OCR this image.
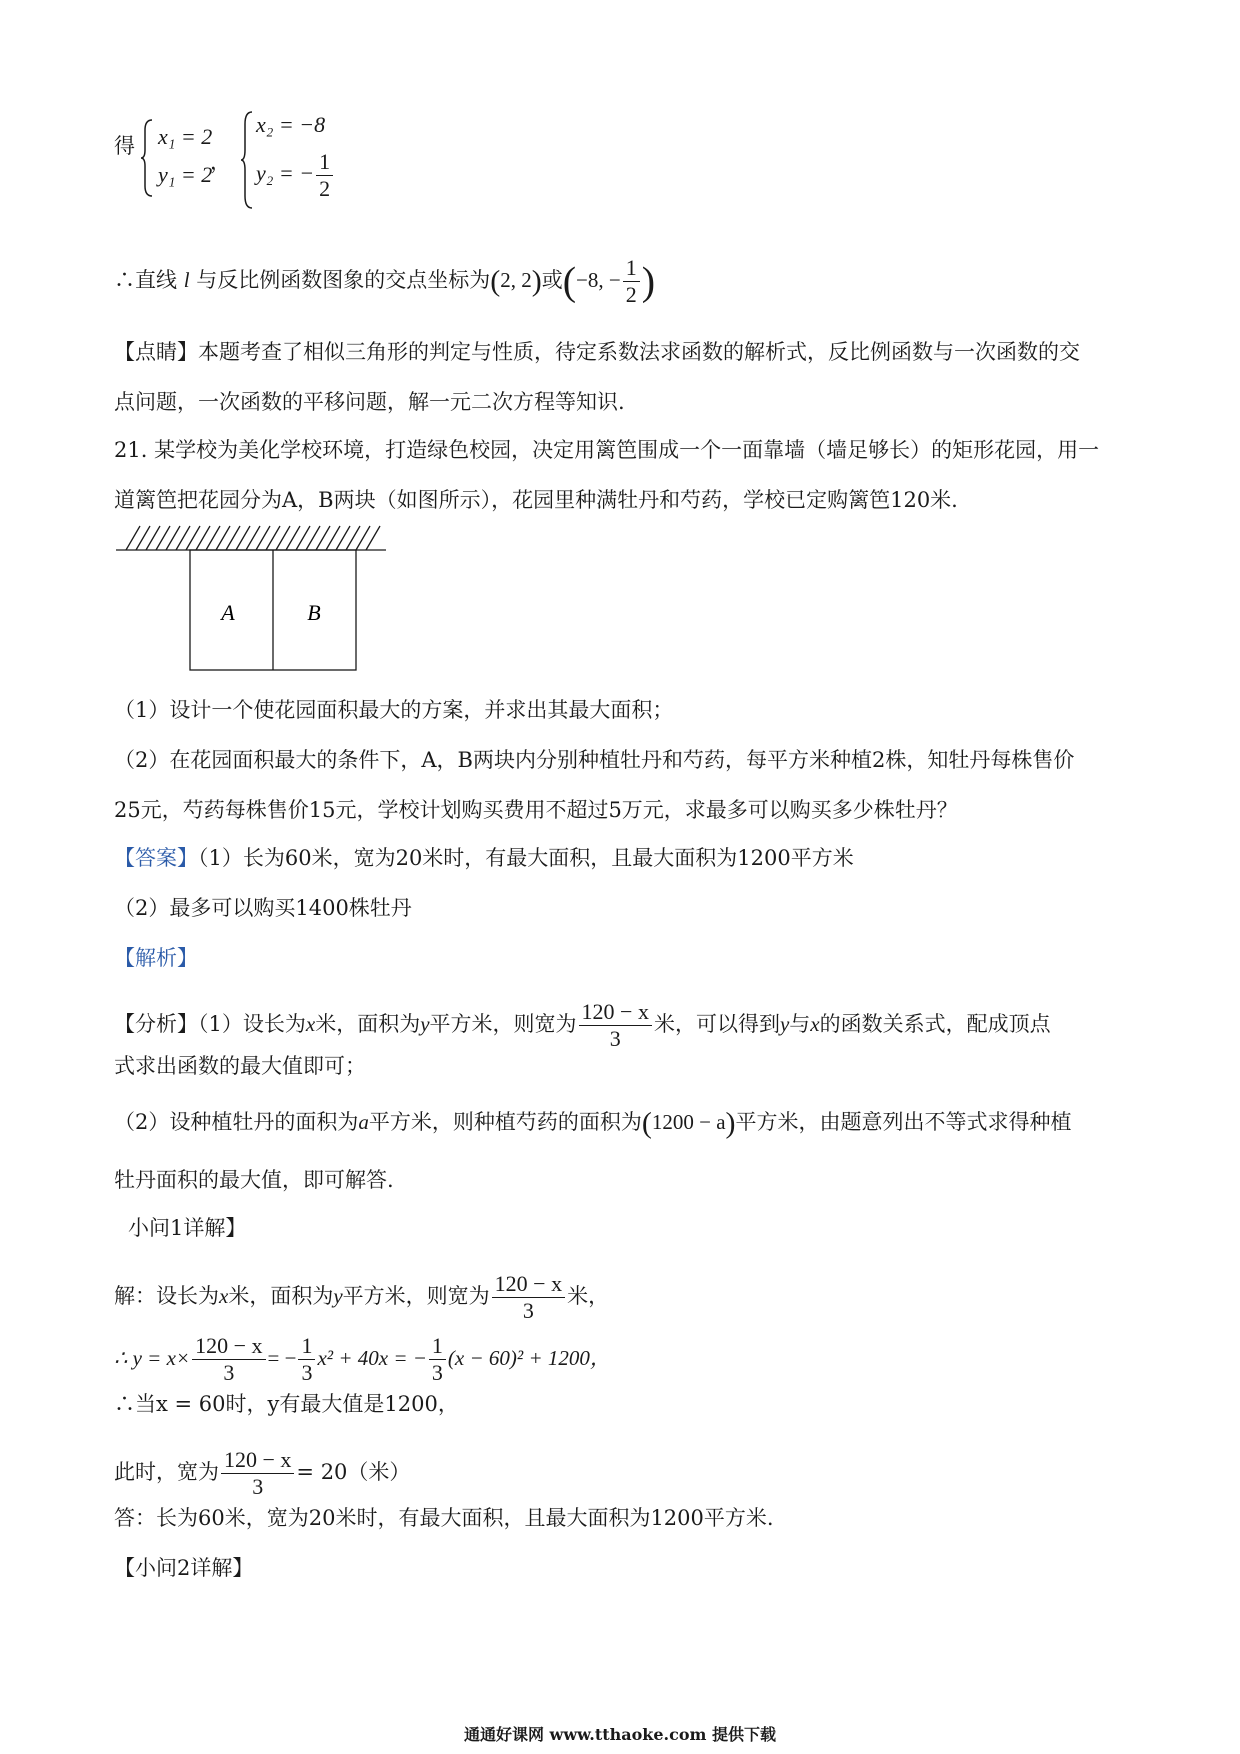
得 x₁ = 2
y₁ = 2
，
x₂ = −8
y₂ = − $\frac{1}{2}$
∴直线 l 与反比例函数图象的交点坐标为(2, 2)或(−8, − $\frac{1}{2}$ )
【点睛】本题考查了相似三角形的判定与性质，待定系数法求函数的解析式，反比例函数与一次函数的交
点问题，一次函数的平移问题，解一元二次方程等知识.
21. 某学校为美化学校环境，打造绿色校园，决定用篱笆围成一个一面靠墙（墙足够长）的矩形花园，用一
道篱笆把花园分为A，B两块（如图所示），花园里种满牡丹和芍药，学校已定购篱笆120米.
A	B
（1）设计一个使花园面积最大的方案，并求出其最大面积；
（2）在花园面积最大的条件下，A，B两块内分别种植牡丹和芍药，每平方米种植2株，知牡丹每株售价
25元，芍药每株售价15元，学校计划购买费用不超过5万元，求最多可以购买多少株牡丹？
【答案】（1）长为60米，宽为20米时，有最大面积，且最大面积为1200平方米
（2）最多可以购买1400株牡丹
【解析】
【分析】（1）设长为x米，面积为y平方米，则宽为 $\frac{120 - x}{3}$ 米，可以得到y与x的函数关系式，配成顶点
式求出函数的最大值即可；
（2）设种植牡丹的面积为a平方米，则种植芍药的面积为(1200 − a)平方米，由题意列出不等式求得种植
牡丹面积的最大值，即可解答.
小问1详解】
解：设长为x米，面积为y平方米，则宽为 $\frac{120 - x}{3}$ 米，
∴ $y = x\times \frac{120 - x}{3}$ = − $\frac{1}{3} x^2 + 40x$ = − $\frac{1}{3} (x - 60)^2 + 1200$，
∴当x = 60时，y有最大值是1200，
此时，宽为 $\frac{120 - x}{3} = 20$（米）
答：长为60米，宽为20米时，有最大面积，且最大面积为1200平方米.
【小问2详解】
通通好课网 www.tthaoke.com 提供下载
